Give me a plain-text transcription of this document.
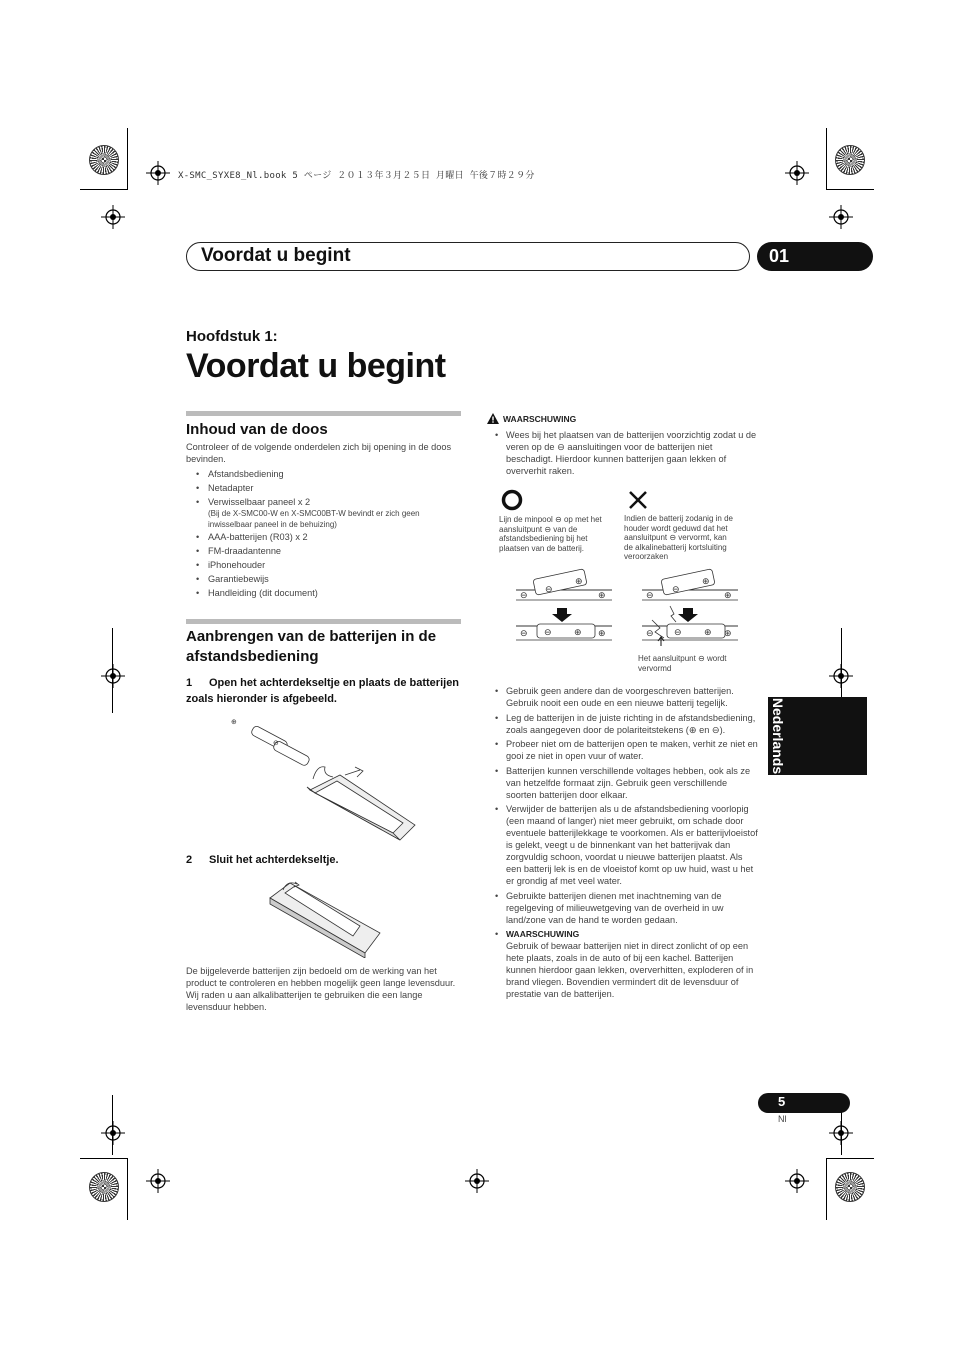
X-SMC_SYXE8_Nl.book 5 ページ ２０１３年３月２５日 月曜日 午後７時２９分
Voordat u begint	01
Hoofdstuk 1:
Voordat u begint
Inhoud van de doos
Controleer of de volgende onderdelen zich bij opening in de doos bevinden.
• Afstandsbediening
• Netadapter
• Verwisselbaar paneel x 2
(Bij de X-SMC00-W en X-SMC00BT-W bevindt er zich geen inwisselbaar paneel in de behuizing)
• AAA-batterijen (R03) x 2
• FM-draadantenne
• iPhonehouder
• Garantiebewijs
• Handleiding (dit document)
Aanbrengen van de batterijen in de afstandsbediening
1 Open het achterdekseltje en plaats de batterijen zoals hieronder is afgebeeld.
⊕
⊖
2 Sluit het achterdekseltje.
De bijgeleverde batterijen zijn bedoeld om de werking van het product te controleren en hebben mogelijk geen lange levensduur. Wij raden u aan alkalibatterijen te gebruiken die een lange levensduur hebben.
WAARSCHUWING
• Wees bij het plaatsen van de batterijen voorzichtig zodat u de veren op de ⊖ aansluitingen voor de batterijen niet beschadigt. Hierdoor kunnen batterijen gaan lekken of oververhit raken.
Lijn de minpool ⊖ op met het aansluitpunt ⊖ van de afstandsbediening bij het plaatsen van de batterij.
Indien de batterij zodanig in de houder wordt geduwd dat het aansluitpunt ⊖ vervormt, kan de alkalinebatterij kortsluiting veroorzaken
⊖
⊖
⊕
⊕
⊖ ⊖ ⊕ ⊕
⊖
⊖
⊕
⊕
⊖ ⊖ ⊕ ⊕
Het aansluitpunt ⊖ wordt vervormd
• Gebruik geen andere dan de voorgeschreven batterijen. Gebruik nooit een oude en een nieuwe batterij tegelijk.
• Leg de batterijen in de juiste richting in de afstandsbediening, zoals aangegeven door de polariteitstekens (⊕ en ⊖).
• Probeer niet om de batterijen open te maken, verhit ze niet en gooi ze niet in open vuur of water.
• Batterijen kunnen verschillende voltages hebben, ook als ze van hetzelfde formaat zijn. Gebruik geen verschillende soorten batterijen door elkaar.
• Verwijder de batterijen als u de afstandsbediening voorlopig (een maand of langer) niet meer gebruikt, om schade door eventuele batterijlekkage te voorkomen. Als er batterijvloeistof is gelekt, veegt u de binnenkant van het batterijvak dan zorgvuldig schoon, voordat u nieuwe batterijen plaatst. Als een batterij lek is en de vloeistof komt op uw huid, wast u het er grondig af met veel water.
• Gebruikte batterijen dienen met inachtneming van de regelgeving of milieuwetgeving van de overheid in uw land/zone van de hand te worden gedaan.
• WAARSCHUWING
Gebruik of bewaar batterijen niet in direct zonlicht of op een hete plaats, zoals in de auto of bij een kachel. Batterijen kunnen hierdoor gaan lekken, oververhitten, exploderen of in brand vliegen. Bovendien vermindert dit de levensduur of prestatie van de batterijen.
Nederlands
5
Nl
